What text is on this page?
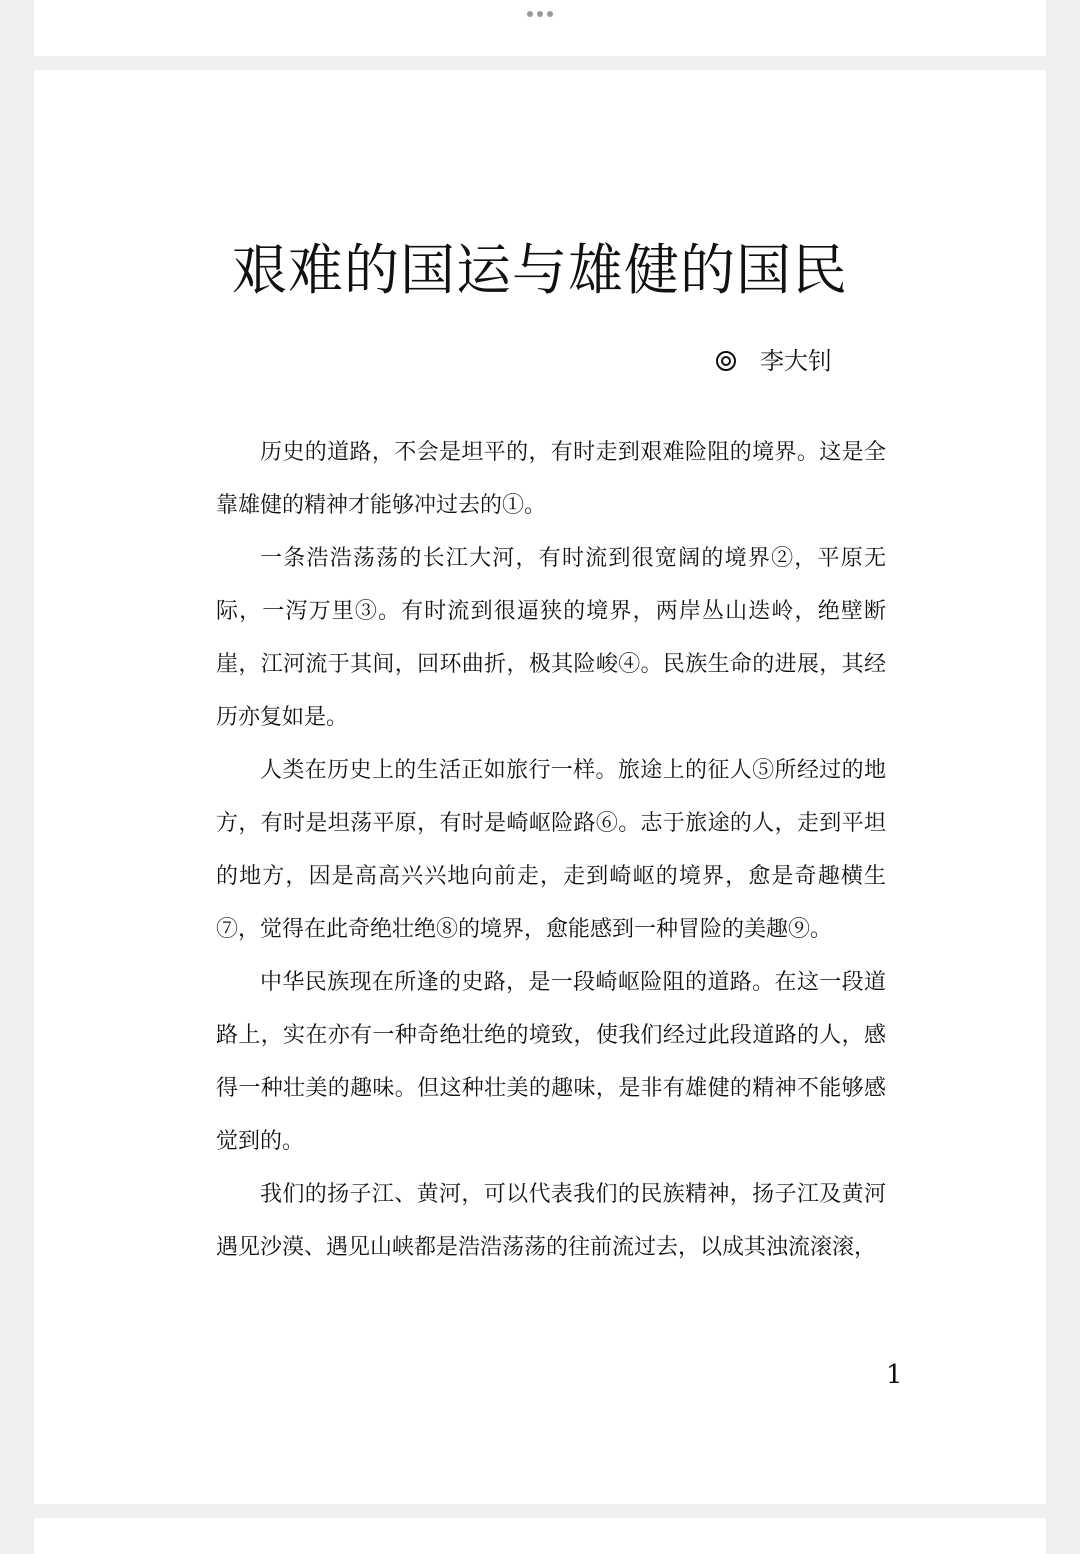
艰难的国运与雄健的国民
李大钊

历史的道路，不会是坦平的，有时走到艰难险阻的境界。这是全靠雄健的精神才能够冲过去的①。

一条浩浩荡荡的长江大河，有时流到很宽阔的境界②，平原无际，一泻万里③。有时流到很逼狭的境界，两岸丛山迭岭，绝壁断崖，江河流于其间，回环曲折，极其险峻④。民族生命的进展，其经历亦复如是。

人类在历史上的生活正如旅行一样。旅途上的征人⑤所经过的地方，有时是坦荡平原，有时是崎岖险路⑥。志于旅途的人，走到平坦的地方，因是高高兴兴地向前走，走到崎岖的境界，愈是奇趣横生⑦，觉得在此奇绝壮绝⑧的境界，愈能感到一种冒险的美趣⑨。

中华民族现在所逢的史路，是一段崎岖险阻的道路。在这一段道路上，实在亦有一种奇绝壮绝的境致，使我们经过此段道路的人，感得一种壮美的趣味。但这种壮美的趣味，是非有雄健的精神不能够感觉到的。

我们的扬子江、黄河，可以代表我们的民族精神，扬子江及黄河遇见沙漠、遇见山峡都是浩浩荡荡的往前流过去，以成其浊流滚滚，

1
